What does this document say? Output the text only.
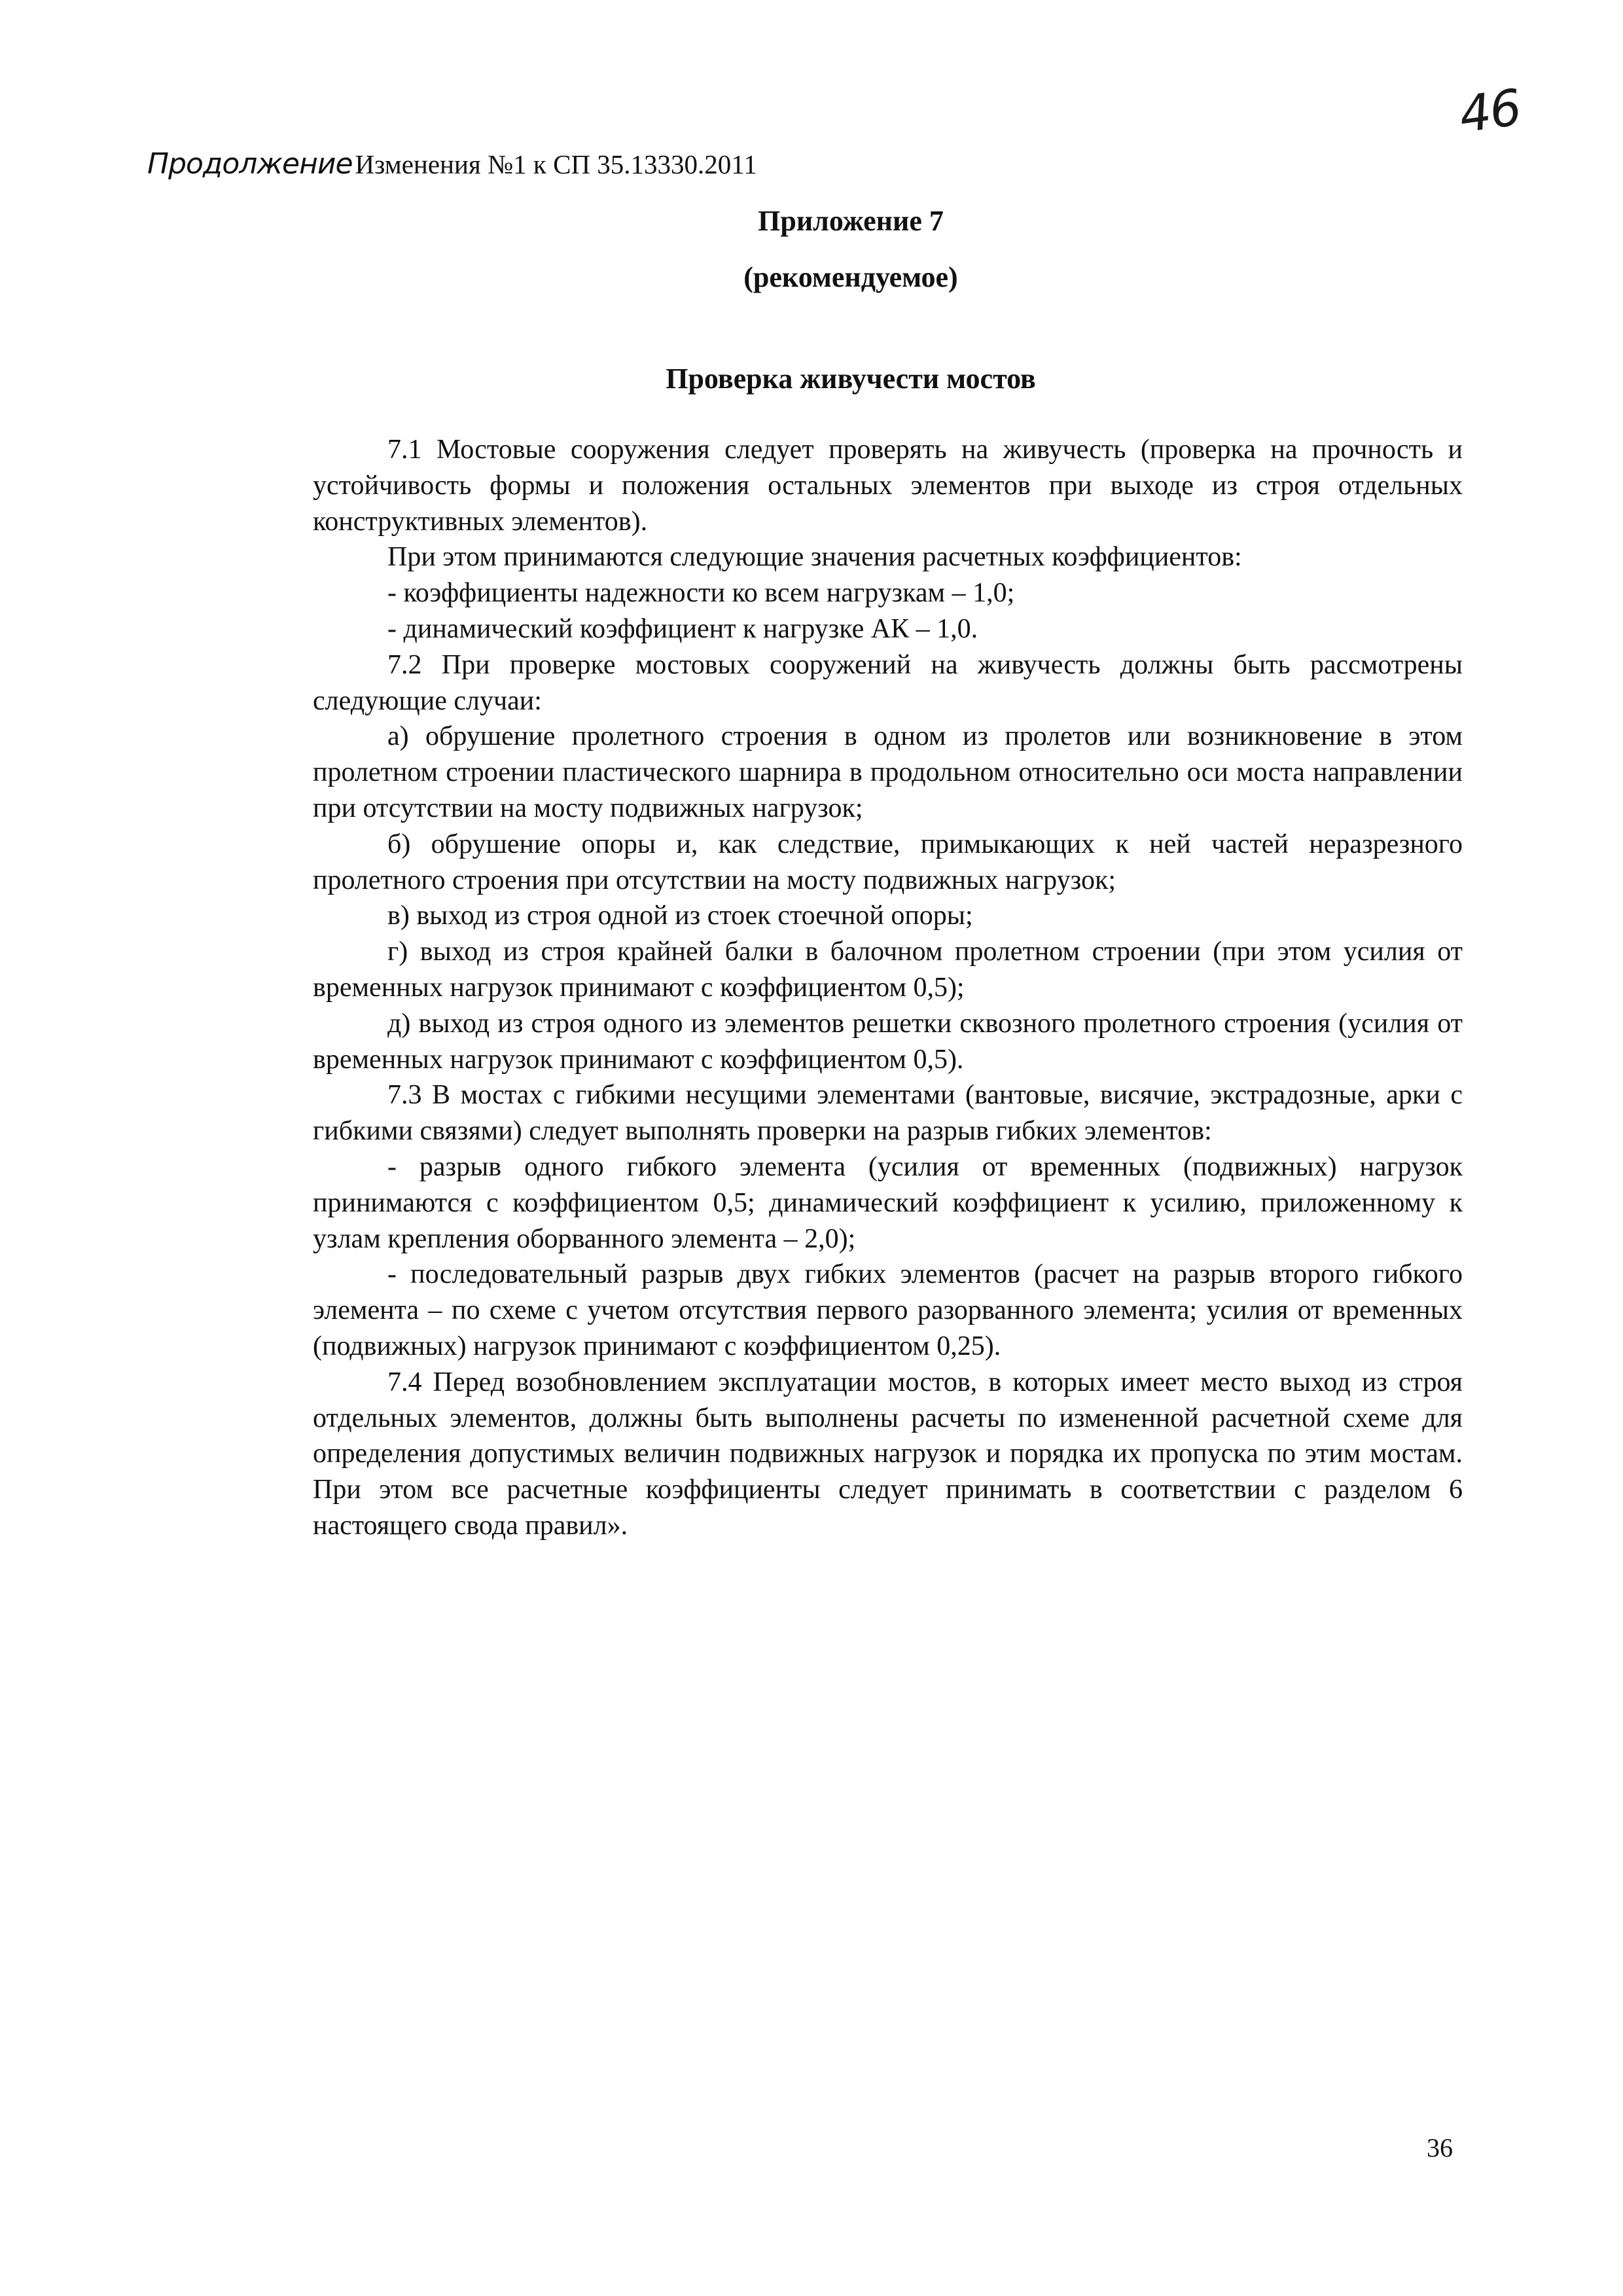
46
ПродолжениеИзменения №1 к СП 35.13330.2011
Приложение 7
(рекомендуемое)
Проверка живучести мостов

7.1 Мостовые сооружения следует проверять на живучесть (проверка на прочность и устойчивость формы и положения остальных элементов при выходе из строя отдельных конструктивных элементов).

При этом принимаются следующие значения расчетных коэффициентов:

- коэффициенты надежности ко всем нагрузкам – 1,0;

- динамический коэффициент к нагрузке АК – 1,0.

7.2 При проверке мостовых сооружений на живучесть должны быть рассмотрены следующие случаи:

а) обрушение пролетного строения в одном из пролетов или возникновение в этом пролетном строении пластического шарнира в продольном относительно оси моста направлении при отсутствии на мосту подвижных нагрузок;

б) обрушение опоры и, как следствие, примыкающих к ней частей неразрезного пролетного строения при отсутствии на мосту подвижных нагрузок;

в) выход из строя одной из стоек стоечной опоры;

г) выход из строя крайней балки в балочном пролетном строении (при этом усилия от временных нагрузок принимают с коэффициентом 0,5);

д) выход из строя одного из элементов решетки сквозного пролетного строения (усилия от временных нагрузок принимают с коэффициентом 0,5).

7.3 В мостах с гибкими несущими элементами (вантовые, висячие, экстрадозные, арки с гибкими связями) следует выполнять проверки на разрыв гибких элементов:

- разрыв одного гибкого элемента (усилия от временных (подвижных) нагрузок принимаются с коэффициентом 0,5; динамический коэффициент к усилию, приложенному к узлам крепления оборванного элемента – 2,0);

- последовательный разрыв двух гибких элементов (расчет на разрыв второго гибкого элемента – по схеме с учетом отсутствия первого разорванного элемента; усилия от временных (подвижных) нагрузок принимают с коэффициентом 0,25).

7.4 Перед возобновлением эксплуатации мостов, в которых имеет место выход из строя отдельных элементов, должны быть выполнены расчеты по измененной расчетной схеме для определения допустимых величин подвижных нагрузок и порядка их пропуска по этим мостам. При этом все расчетные коэффициенты следует принимать в соответствии с разделом 6 настоящего свода правил».

36
